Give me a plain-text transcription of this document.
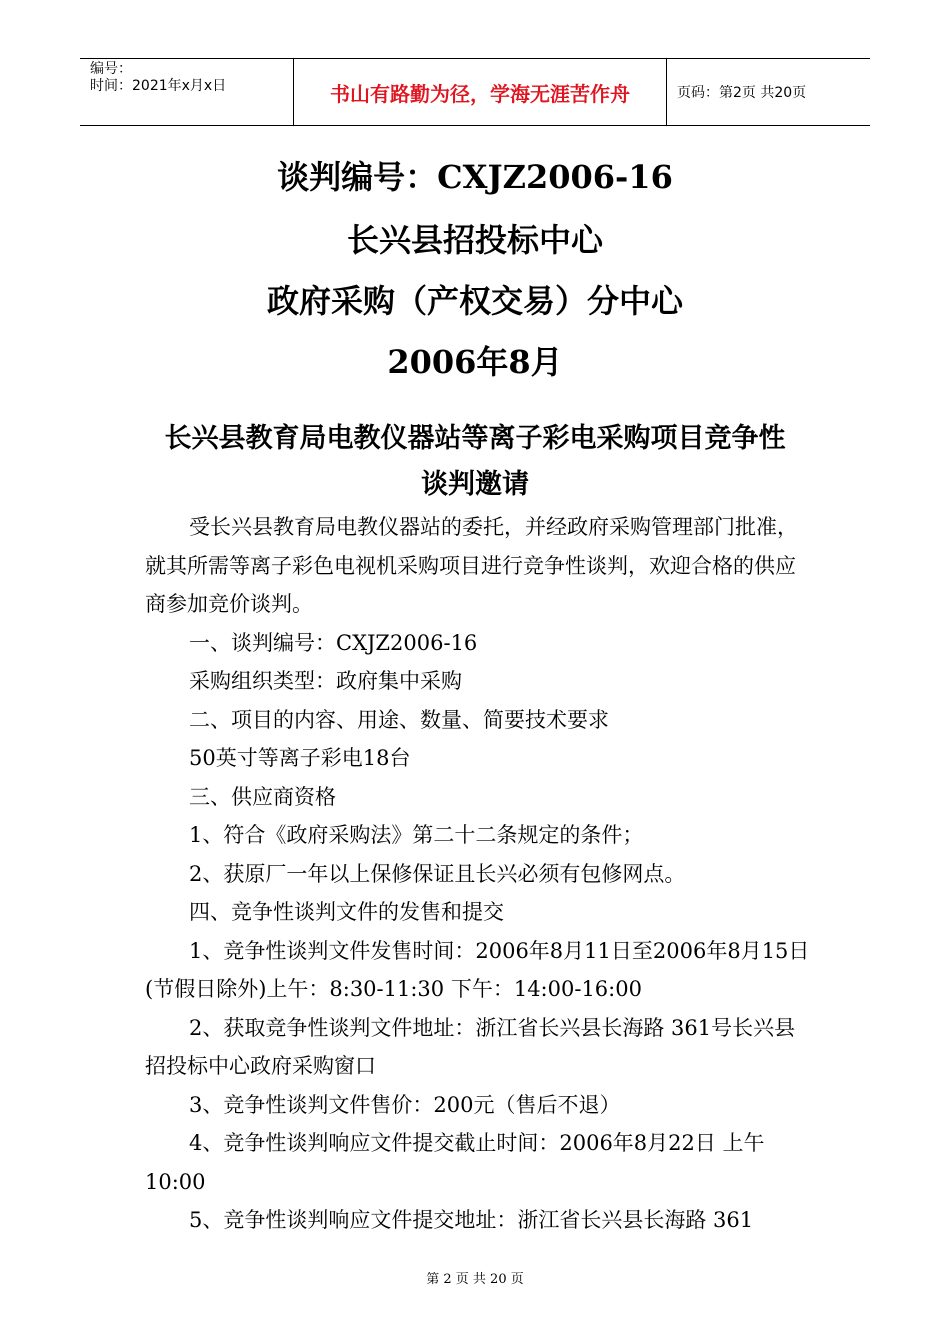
编号：
时间：2021年x月x日	书山有路勤为径，学海无涯苦作舟	页码：第2页 共20页
谈判编号：CXJZ2006-16
长兴县招投标中心
政府采购（产权交易）分中心
2006年8月
长兴县教育局电教仪器站等离子彩电采购项目竞争性
谈判邀请

受长兴县教育局电教仪器站的委托，并经政府采购管理部门批准，就其所需等离子彩色电视机采购项目进行竞争性谈判，欢迎合格的供应商参加竞价谈判。

一、谈判编号：CXJZ2006-16

采购组织类型：政府集中采购

二、项目的内容、用途、数量、简要技术要求

50英寸等离子彩电18台

三、供应商资格

1、符合《政府采购法》第二十二条规定的条件；

2、获原厂一年以上保修保证且长兴必须有包修网点。

四、竞争性谈判文件的发售和提交

1、竞争性谈判文件发售时间：2006年8月11日至2006年8月15日(节假日除外)上午：8:30-11:30 下午：14:00-16:00

2、获取竞争性谈判文件地址：浙江省长兴县长海路 361号长兴县招投标中心政府采购窗口

3、竞争性谈判文件售价：200元（售后不退）

4、竞争性谈判响应文件提交截止时间：2006年8月22日 上午10:00

5、竞争性谈判响应文件提交地址：浙江省长兴县长海路 361

第 2 页 共 20 页
